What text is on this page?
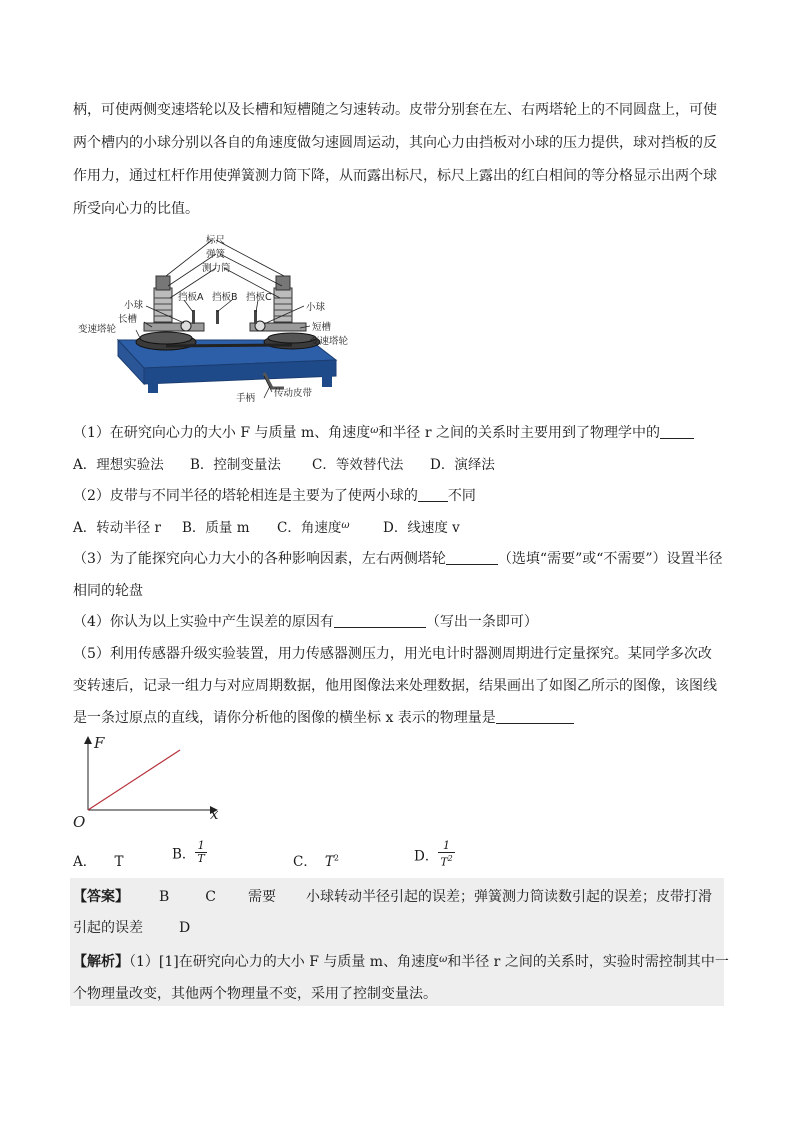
柄，可使两侧变速塔轮以及长槽和短槽随之匀速转动。皮带分别套在左、右两塔轮上的不同圆盘上，可使
两个槽内的小球分别以各自的角速度做匀速圆周运动，其向心力由挡板对小球的压力提供，球对挡板的反
作用力，通过杠杆作用使弹簧测力筒下降，从而露出标尺，标尺上露出的红白相间的等分格显示出两个球
所受向心力的比值。
标尺
弹簧
测力筒
小球
挡板A 挡板B 挡板C
小球
长槽
变速塔轮	短槽
变速塔轮
手柄 传动皮带
（1）在研究向心力的大小 F 与质量 m、角速度$^\omega$和半径 r 之间的关系时主要用到了物理学中的
A．理想实验法 B．控制变量法 C．等效替代法 D．演绎法
（2）皮带与不同半径的塔轮相连是主要为了使两小球的 不同
A．转动半径 r B．质量 m C．角速度$^\omega$ D．线速度 v
（3）为了能探究向心力大小的各种影响因素，左右两侧塔轮	（选填“需要”或“不需要”）设置半径
相同的轮盘
（4）你认为以上实验中产生误差的原因有	（写出一条即可）
（5）利用传感器升级实验装置，用力传感器测压力，用光电计时器测周期进行定量探究。某同学多次改
变转速后，记录一组力与对应周期数据，他用图像法来处理数据，结果画出了如图乙所示的图像，该图线
是一条过原点的直线，请你分析他的图像的横坐标 x 表示的物理量是
F
x
O
A． T	B． $\frac{1}{T}$	C． $T^2$	D． $\frac{1}{T^2}$
【答案】 B	C 需要 小球转动半径引起的误差；弹簧测力筒读数引起的误差；皮带打滑
引起的误差	D
【解析】（1）[1]在研究向心力的大小 F 与质量 m、角速度$^\omega$和半径 r 之间的关系时，实验时需控制其中一
个物理量改变，其他两个物理量不变，采用了控制变量法。
